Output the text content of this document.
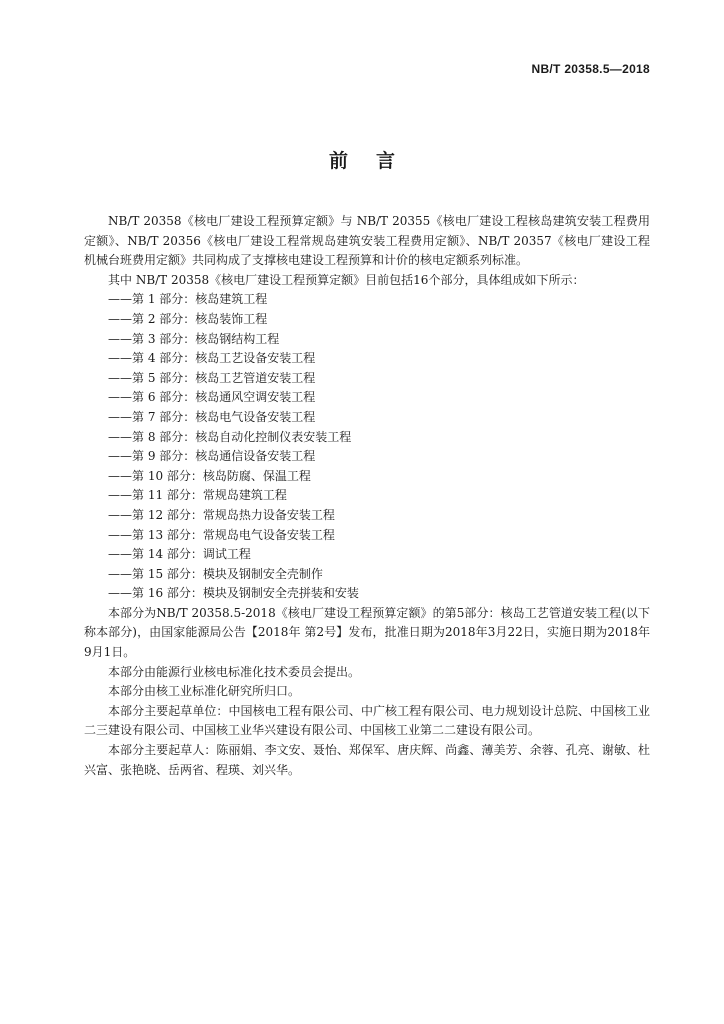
NB/T 20358.5—2018
前言

NB/T 20358《核电厂建设工程预算定额》与 NB/T 20355《核电厂建设工程核岛建筑安装工程费用定额》、NB/T 20356《核电厂建设工程常规岛建筑安装工程费用定额》、NB/T 20357《核电厂建设工程机械台班费用定额》共同构成了支撑核电建设工程预算和计价的核电定额系列标准。

其中 NB/T 20358《核电厂建设工程预算定额》目前包括16个部分，具体组成如下所示：

——第 1 部分：核岛建筑工程
——第 2 部分：核岛装饰工程
——第 3 部分：核岛钢结构工程
——第 4 部分：核岛工艺设备安装工程
——第 5 部分：核岛工艺管道安装工程
——第 6 部分：核岛通风空调安装工程
——第 7 部分：核岛电气设备安装工程
——第 8 部分：核岛自动化控制仪表安装工程
——第 9 部分：核岛通信设备安装工程
——第 10 部分：核岛防腐、保温工程
——第 11 部分：常规岛建筑工程
——第 12 部分：常规岛热力设备安装工程
——第 13 部分：常规岛电气设备安装工程
——第 14 部分：调试工程
——第 15 部分：模块及钢制安全壳制作
——第 16 部分：模块及钢制安全壳拼装和安装

本部分为NB/T 20358.5-2018《核电厂建设工程预算定额》的第5部分：核岛工艺管道安装工程(以下称本部分)，由国家能源局公告【2018年 第2号】发布，批准日期为2018年3月22日，实施日期为2018年9月1日。

本部分由能源行业核电标准化技术委员会提出。

本部分由核工业标准化研究所归口。

本部分主要起草单位：中国核电工程有限公司、中广核工程有限公司、电力规划设计总院、中国核工业二三建设有限公司、中国核工业华兴建设有限公司、中国核工业第二二建设有限公司。

本部分主要起草人：陈丽娟、李文安、聂怡、郑保军、唐庆辉、尚鑫、薄美芳、余蓉、孔亮、谢敏、杜兴富、张艳晓、岳两省、程瑛、刘兴华。
